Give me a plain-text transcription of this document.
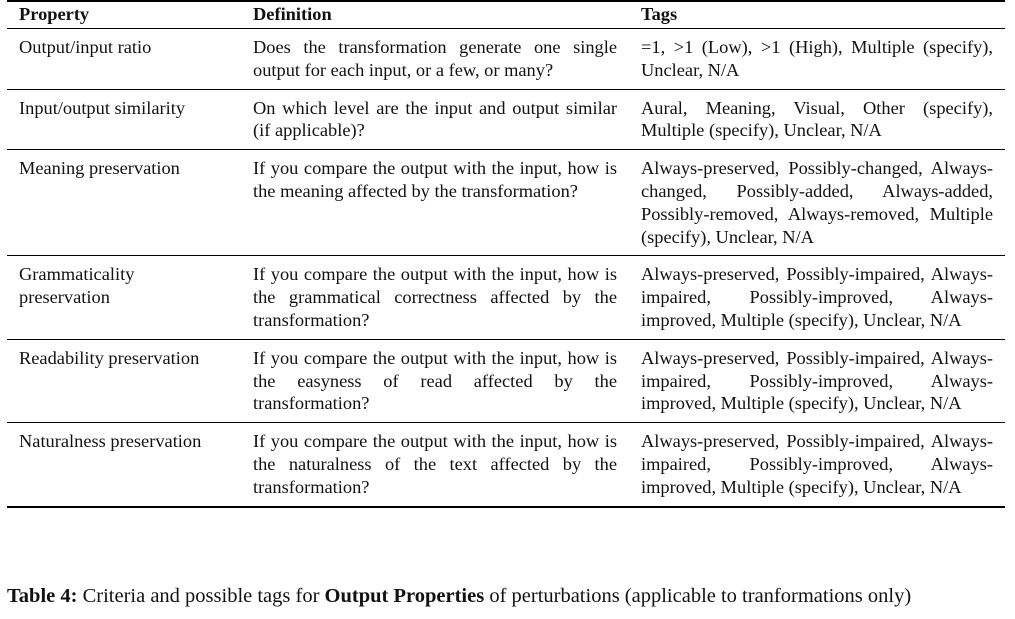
Property	Definition	Tags
Output/input ratio	Does the transformation generate one single output for each input, or a few, or many?	=1, >1 (Low), >1 (High), Multiple (specify), Unclear, N/A
Input/output similarity	On which level are the input and output similar (if applicable)?	Aural, Meaning, Visual, Other (specify), Multiple (specify), Unclear, N/A
Meaning preservation	If you compare the output with the input, how is the meaning affected by the transformation?	Always-preserved, Possibly-changed, Always-changed, Possibly-added, Always-added, Possibly-removed, Always-removed, Multiple (specify), Unclear, N/A
Grammaticality preservation	If you compare the output with the input, how is the grammatical correctness affected by the transformation?	Always-preserved, Possibly-impaired, Always-impaired, Possibly-improved, Always-improved, Multiple (specify), Unclear, N/A
Readability preservation	If you compare the output with the input, how is the easyness of read affected by the transformation?	Always-preserved, Possibly-impaired, Always-impaired, Possibly-improved, Always-improved, Multiple (specify), Unclear, N/A
Naturalness preservation	If you compare the output with the input, how is the naturalness of the text affected by the transformation?	Always-preserved, Possibly-impaired, Always-impaired, Possibly-improved, Always-improved, Multiple (specify), Unclear, N/A
Table 4: Criteria and possible tags for Output Properties of perturbations (applicable to tranformations only)
